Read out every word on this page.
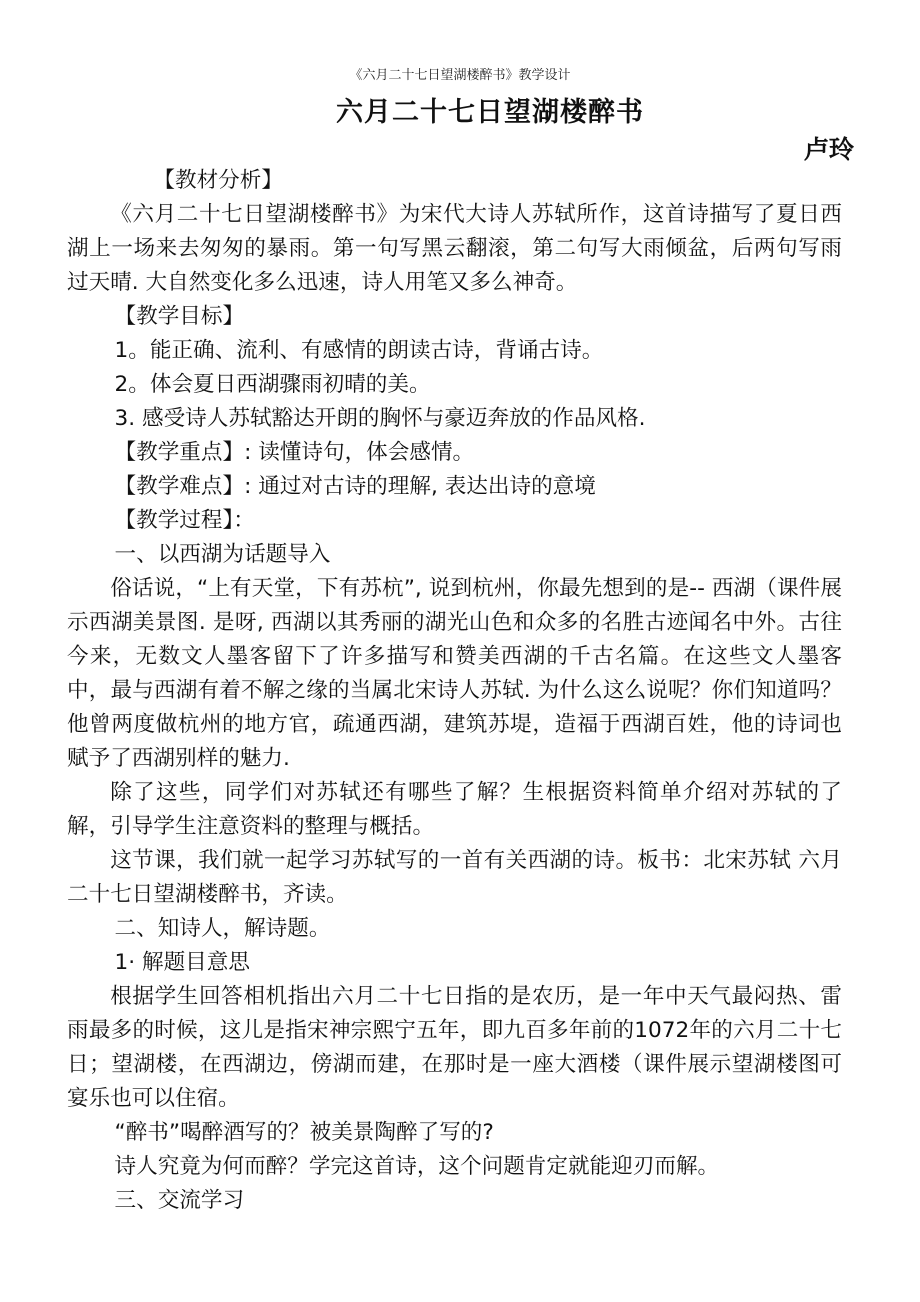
《六月二十七日望湖楼醉书》教学设计
六月二十七日望湖楼醉书
卢玲

【教材分析】

《六月二十七日望湖楼醉书》为宋代大诗人苏轼所作，这首诗描写了夏日西湖上一场来去匆匆的暴雨。第一句写黑云翻滚，第二句写大雨倾盆，后两句写雨过天晴. 大自然变化多么迅速，诗人用笔又多么神奇。

【教学目标】

1。能正确、流利、有感情的朗读古诗，背诵古诗。

2。体会夏日西湖骤雨初晴的美。

3. 感受诗人苏轼豁达开朗的胸怀与豪迈奔放的作品风格.

【教学重点】: 读懂诗句，体会感情。

【教学难点】: 通过对古诗的理解, 表达出诗的意境

【教学过程】：

一、以西湖为话题导入

俗话说，“上有天堂，下有苏杭”, 说到杭州，你最先想到的是-- 西湖（课件展示西湖美景图. 是呀, 西湖以其秀丽的湖光山色和众多的名胜古迹闻名中外。古往今来，无数文人墨客留下了许多描写和赞美西湖的千古名篇。在这些文人墨客中，最与西湖有着不解之缘的当属北宋诗人苏轼. 为什么这么说呢？你们知道吗？他曾两度做杭州的地方官，疏通西湖，建筑苏堤，造福于西湖百姓，他的诗词也赋予了西湖别样的魅力.

除了这些，同学们对苏轼还有哪些了解？生根据资料简单介绍对苏轼的了解，引导学生注意资料的整理与概括。

这节课，我们就一起学习苏轼写的一首有关西湖的诗。板书：北宋苏轼 六月二十七日望湖楼醉书，齐读。

二、知诗人，解诗题。

1· 解题目意思

根据学生回答相机指出六月二十七日指的是农历，是一年中天气最闷热、雷雨最多的时候，这儿是指宋神宗熙宁五年，即九百多年前的1072年的六月二十七日；望湖楼，在西湖边，傍湖而建，在那时是一座大酒楼（课件展示望湖楼图可宴乐也可以住宿。

“醉书”喝醉酒写的？被美景陶醉了写的?

诗人究竟为何而醉？学完这首诗，这个问题肯定就能迎刃而解。

三、交流学习
